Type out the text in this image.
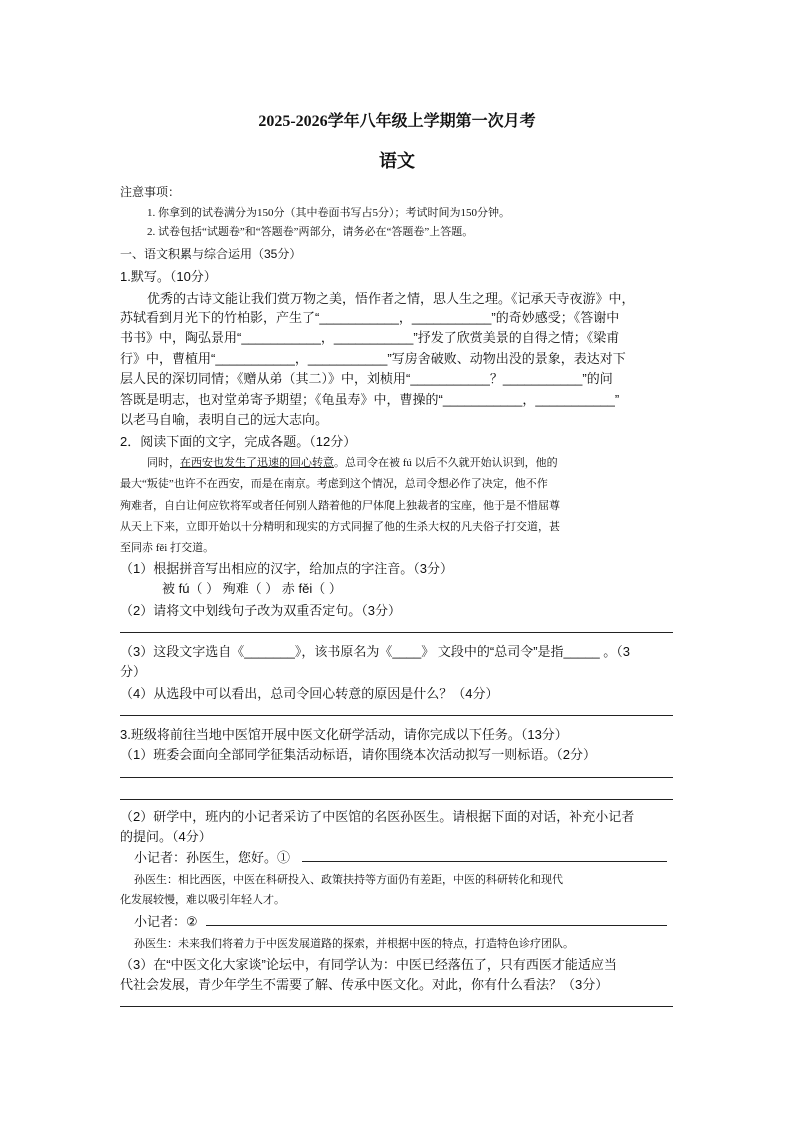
2025-2026学年八年级上学期第一次月考
语文
注意事项：
1. 你拿到的试卷满分为150分（其中卷面书写占5分）；考试时间为150分钟。
2. 试卷包括“试题卷”和“答题卷”两部分，请务必在“答题卷”上答题。
一、语文积累与综合运用（35分）
1.默写。（10分）
优秀的古诗文能让我们赏万物之美，悟作者之情，思人生之理。《记承天寺夜游》中，
苏轼看到月光下的竹柏影，产生了“___________，___________”的奇妙感受；《答谢中
书书》中，陶弘景用“___________，___________”抒发了欣赏美景的自得之情；《梁甫
行》中，曹植用“___________，___________”写房舍破败、动物出没的景象，表达对下
层人民的深切同情；《赠从弟（其二）》中，刘桢用“___________？___________”的问
答既是明志，也对堂弟寄予期望；《龟虽寿》中，曹操的“___________，___________”
以老马自喻，表明自己的远大志向。
2．阅读下面的文字，完成各题。（12分）
同时，在西安也发生了迅速的回心转意。总司令在被 fú 以后不久就开始认识到，他的
最大“叛徒”也许不在西安，而是在南京。考虑到这个情况，总司令想必作了决定，他不作
殉难者，自白让何应钦将军或者任何别人踏着他的尸体爬上独裁者的宝座，他于是不惜屈尊
从天上下来，立即开始以十分精明和现实的方式同握了他的生杀大权的凡夫俗子打交道，甚
至同赤 fěi 打交道。
（1）根据拼音写出相应的汉字，给加点的字注音。（3分）
被 fú（ ） 殉难（ ） 赤 fěi（ ）
（2）请将文中划线句子改为双重否定句。（3分）
（3）这段文字选自《_______》，该书原名为《____》 文段中的“总司令”是指_____ 。（3
分）
（4）从选段中可以看出，总司令回心转意的原因是什么？（4分）
3.班级将前往当地中医馆开展中医文化研学活动，请你完成以下任务。（13分）
（1）班委会面向全部同学征集活动标语，请你围绕本次活动拟写一则标语。（2分）
（2）研学中，班内的小记者采访了中医馆的名医孙医生。请根据下面的对话，补充小记者
的提问。（4分）
小记者：孙医生，您好。①
孙医生：相比西医，中医在科研投入、政策扶持等方面仍有差距，中医的科研转化和现代
化发展较慢，难以吸引年轻人才。
小记者：②
孙医生：未来我们将着力于中医发展道路的探索，并根据中医的特点，打造特色诊疗团队。
（3）在“中医文化大家谈”论坛中，有同学认为：中医已经落伍了，只有西医才能适应当
代社会发展，青少年学生不需要了解、传承中医文化。对此，你有什么看法？（3分）
